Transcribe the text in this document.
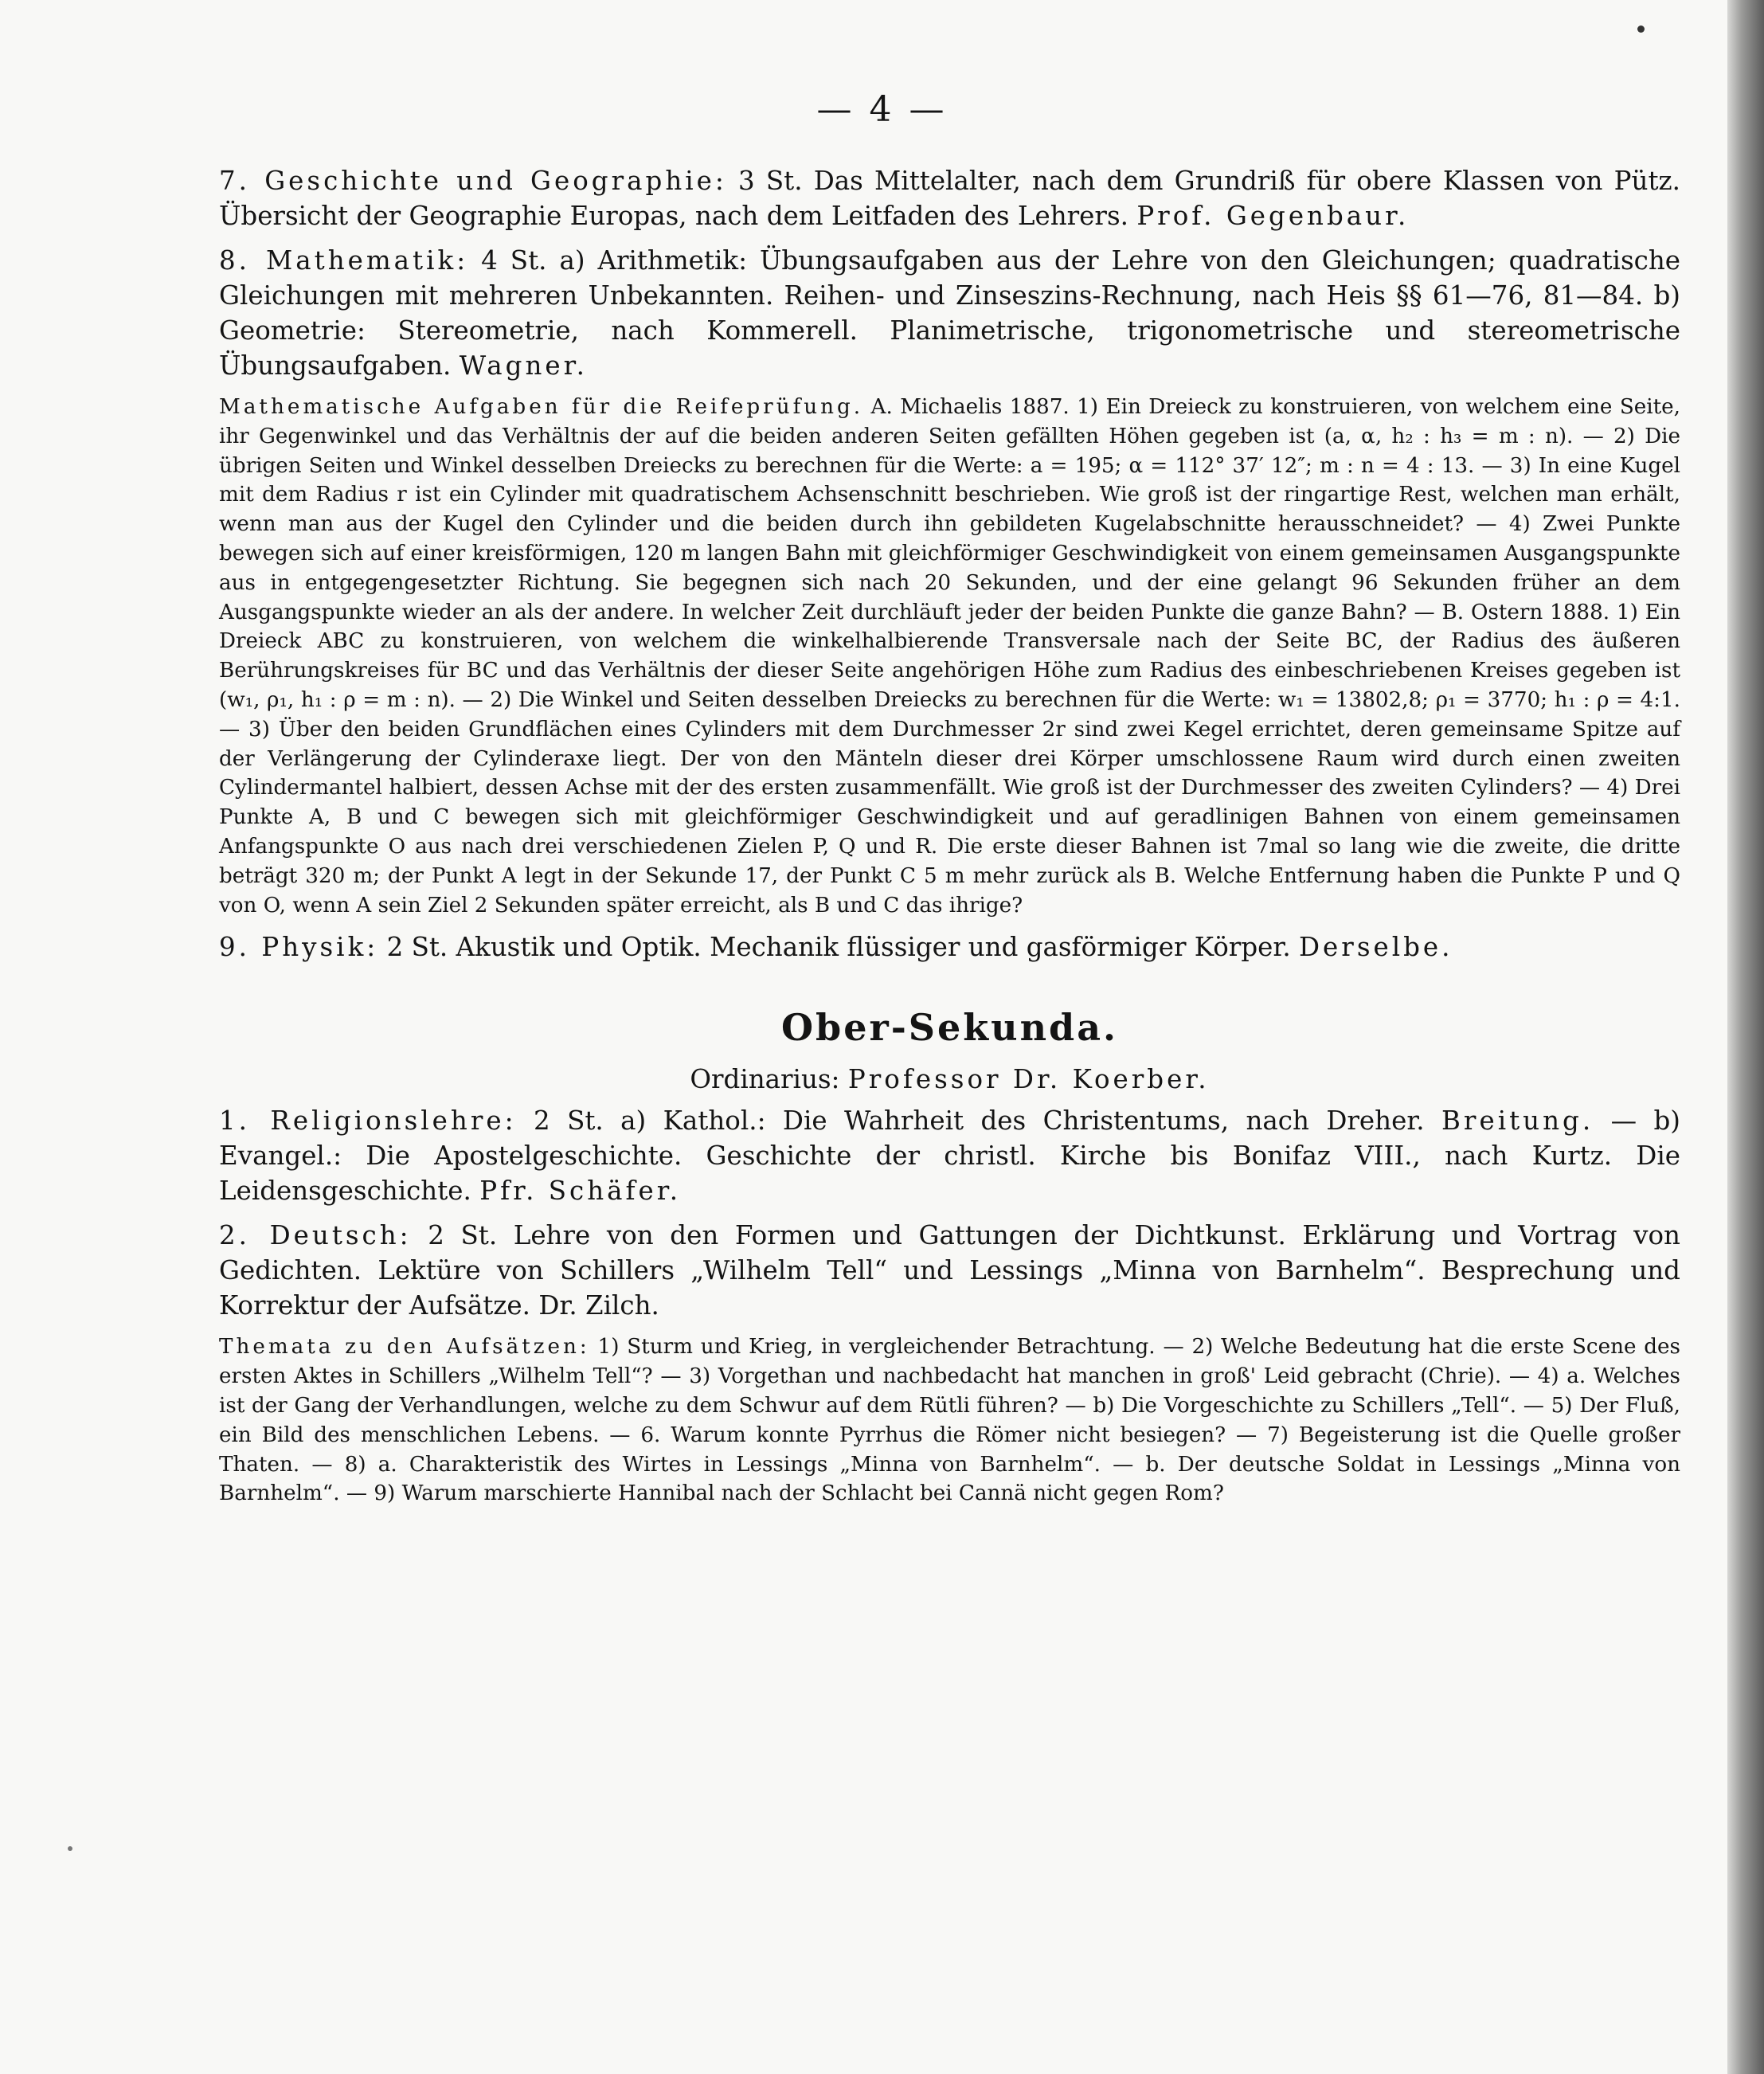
— 4 —

7. Geschichte und Geographie: 3 St. Das Mittelalter, nach dem Grundriß für obere Klassen von Pütz. Übersicht der Geographie Europas, nach dem Leitfaden des Lehrers. Prof. Gegenbaur.

8. Mathematik: 4 St. a) Arithmetik: Übungsaufgaben aus der Lehre von den Gleichungen; quadratische Gleichungen mit mehreren Unbekannten. Reihen- und Zinseszins-Rechnung, nach Heis §§ 61—76, 81—84. b) Geometrie: Stereometrie, nach Kommerell. Planimetrische, trigonometrische und stereometrische Übungsaufgaben. Wagner.

Mathematische Aufgaben für die Reifeprüfung. A. Michaelis 1887. 1) Ein Dreieck zu konstruieren, von welchem eine Seite, ihr Gegenwinkel und das Verhältnis der auf die beiden anderen Seiten gefällten Höhen gegeben ist (a, α, h₂ : h₃ = m : n). — 2) Die übrigen Seiten und Winkel desselben Dreiecks zu berechnen für die Werte: a = 195; α = 112° 37′ 12″; m : n = 4 : 13. — 3) In eine Kugel mit dem Radius r ist ein Cylinder mit quadratischem Achsenschnitt beschrieben. Wie groß ist der ringartige Rest, welchen man erhält, wenn man aus der Kugel den Cylinder und die beiden durch ihn gebildeten Kugelabschnitte herausschneidet? — 4) Zwei Punkte bewegen sich auf einer kreisförmigen, 120 m langen Bahn mit gleichförmiger Geschwindigkeit von einem gemeinsamen Ausgangspunkte aus in entgegengesetzter Richtung. Sie begegnen sich nach 20 Sekunden, und der eine gelangt 96 Sekunden früher an dem Ausgangspunkte wieder an als der andere. In welcher Zeit durchläuft jeder der beiden Punkte die ganze Bahn? — B. Ostern 1888. 1) Ein Dreieck ABC zu konstruieren, von welchem die winkelhalbierende Transversale nach der Seite BC, der Radius des äußeren Berührungskreises für BC und das Verhältnis der dieser Seite angehörigen Höhe zum Radius des einbeschriebenen Kreises gegeben ist (w₁, ρ₁, h₁ : ρ = m : n). — 2) Die Winkel und Seiten desselben Dreiecks zu berechnen für die Werte: w₁ = 13802,8; ρ₁ = 3770; h₁ : ρ = 4:1. — 3) Über den beiden Grundflächen eines Cylinders mit dem Durchmesser 2r sind zwei Kegel errichtet, deren gemeinsame Spitze auf der Verlängerung der Cylinderaxe liegt. Der von den Mänteln dieser drei Körper umschlossene Raum wird durch einen zweiten Cylindermantel halbiert, dessen Achse mit der des ersten zusammenfällt. Wie groß ist der Durchmesser des zweiten Cylinders? — 4) Drei Punkte A, B und C bewegen sich mit gleichförmiger Geschwindigkeit und auf geradlinigen Bahnen von einem gemeinsamen Anfangspunkte O aus nach drei verschiedenen Zielen P, Q und R. Die erste dieser Bahnen ist 7mal so lang wie die zweite, die dritte beträgt 320 m; der Punkt A legt in der Sekunde 17, der Punkt C 5 m mehr zurück als B. Welche Entfernung haben die Punkte P und Q von O, wenn A sein Ziel 2 Sekunden später erreicht, als B und C das ihrige?

9. Physik: 2 St. Akustik und Optik. Mechanik flüssiger und gasförmiger Körper. Derselbe.

Ober-Sekunda.
Ordinarius: Professor Dr. Koerber.

1. Religionslehre: 2 St. a) Kathol.: Die Wahrheit des Christentums, nach Dreher. Breitung. — b) Evangel.: Die Apostelgeschichte. Geschichte der christl. Kirche bis Bonifaz VIII., nach Kurtz. Die Leidensgeschichte. Pfr. Schäfer.

2. Deutsch: 2 St. Lehre von den Formen und Gattungen der Dichtkunst. Erklärung und Vortrag von Gedichten. Lektüre von Schillers „Wilhelm Tell“ und Lessings „Minna von Barnhelm“. Besprechung und Korrektur der Aufsätze. Dr. Zilch.

Themata zu den Aufsätzen: 1) Sturm und Krieg, in vergleichender Betrachtung. — 2) Welche Bedeutung hat die erste Scene des ersten Aktes in Schillers „Wilhelm Tell“? — 3) Vorgethan und nachbedacht hat manchen in groß' Leid gebracht (Chrie). — 4) a. Welches ist der Gang der Verhandlungen, welche zu dem Schwur auf dem Rütli führen? — b) Die Vorgeschichte zu Schillers „Tell“. — 5) Der Fluß, ein Bild des menschlichen Lebens. — 6. Warum konnte Pyrrhus die Römer nicht besiegen? — 7) Begeisterung ist die Quelle großer Thaten. — 8) a. Charakteristik des Wirtes in Lessings „Minna von Barnhelm“. — b. Der deutsche Soldat in Lessings „Minna von Barnhelm“. — 9) Warum marschierte Hannibal nach der Schlacht bei Cannä nicht gegen Rom?
